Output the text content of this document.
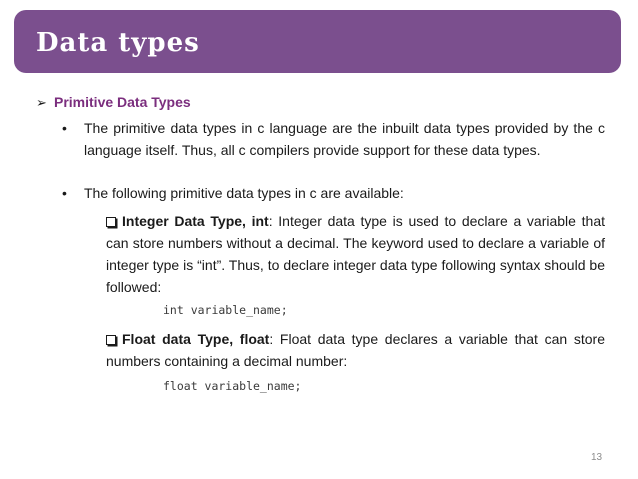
Data types
➢ Primitive Data Types
• The primitive data types in c language are the inbuilt data types provided by the c language itself. Thus, all c compilers provide support for these data types.
• The following primitive data types in c are available:
Integer Data Type, int: Integer data type is used to declare a variable that can store numbers without a decimal. The keyword used to declare a variable of integer type is “int”. Thus, to declare integer data type following syntax should be followed:
int variable_name;
Float data Type, float: Float data type declares a variable that can store numbers containing a decimal number:
float variable_name;
13
